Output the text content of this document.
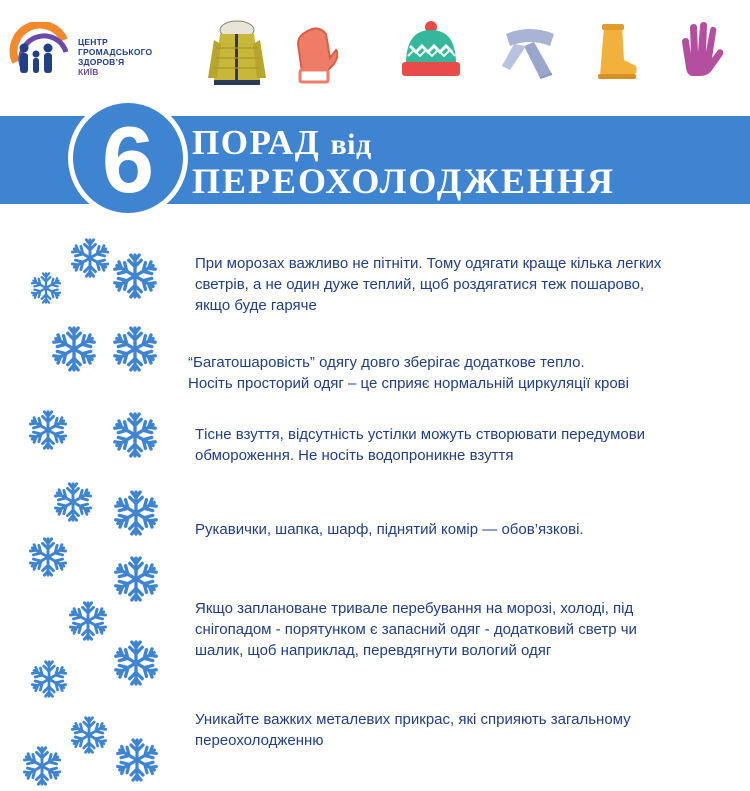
ЦЕНТР
ГРОМАДСЬКОГО
ЗДОРОВ’Я
КИЇВ
6	ПОРАД від
ПЕРЕОХОЛОДЖЕННЯ
При морозах важливо не пітніти. Тому одягати краще кілька легких
светрів, а не один дуже теплий, щоб роздягатися теж пошарово,
якщо буде гаряче
“Багатошаровість” одягу довго зберігає додаткове тепло.
Носіть просторий одяг – це сприяє нормальній циркуляції крові
Тісне взуття, відсутність устілки можуть створювати передумови
обмороження. Не носіть водопроникне взуття
Рукавички, шапка, шарф, піднятий комір — обов’язкові.
Якщо заплановане тривале перебування на морозі, холоді, під
снігопадом - порятунком є запасний одяг - додатковий светр чи
шалик, щоб наприклад, перевдягнути вологий одяг
Уникайте важких металевих прикрас, які сприяють загальному
переохолодженню
